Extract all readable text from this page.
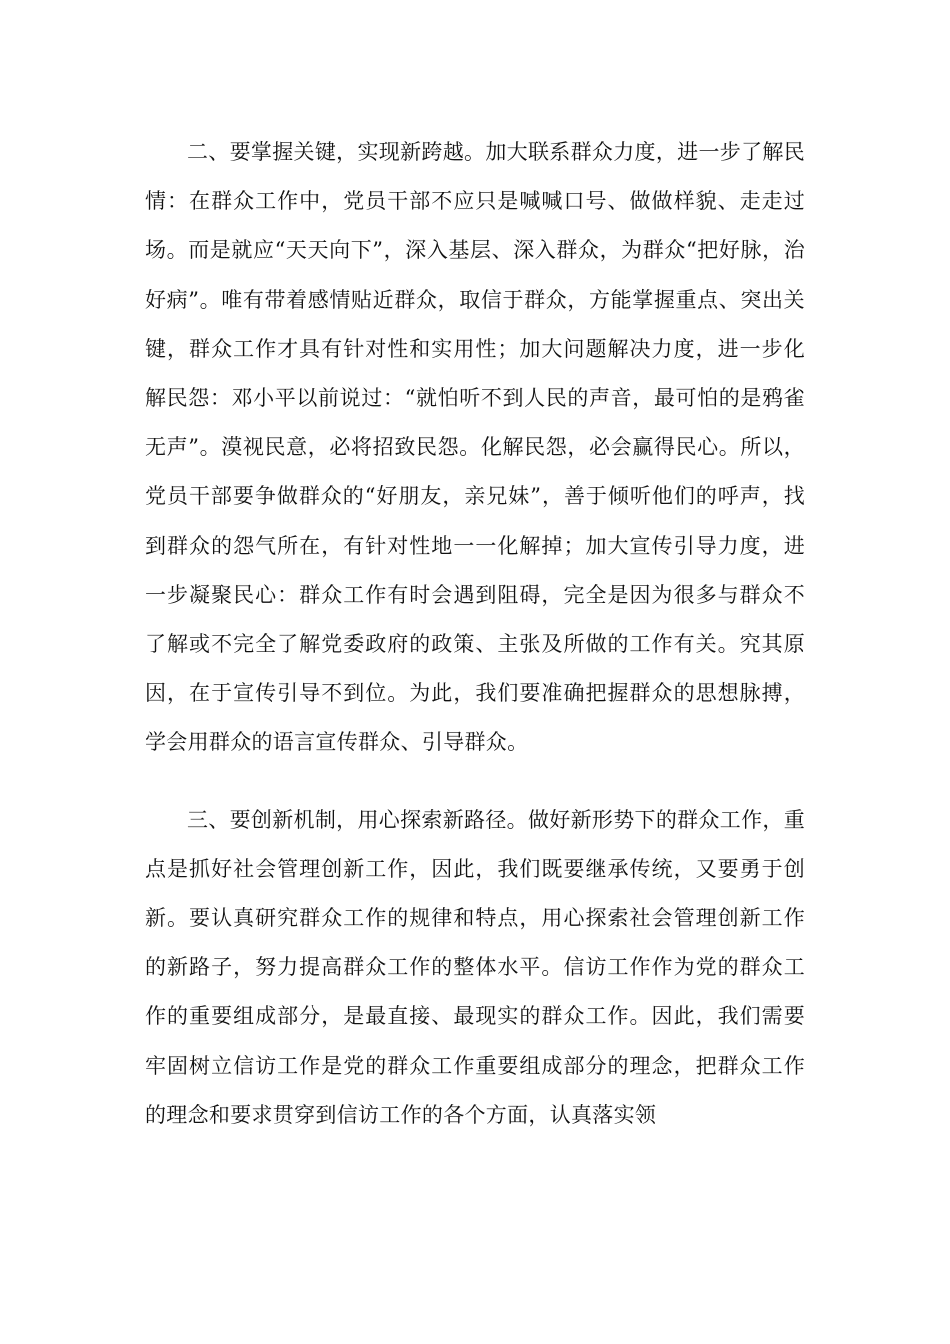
二、要掌握关键，实现新跨越。加大联系群众力度，进一步了解民情：在群众工作中，党员干部不应只是喊喊口号、做做样貌、走走过场。而是就应“天天向下”，深入基层、深入群众，为群众“把好脉，治好病”。唯有带着感情贴近群众，取信于群众，方能掌握重点、突出关键，群众工作才具有针对性和实用性；加大问题解决力度，进一步化解民怨：邓小平以前说过：“就怕听不到人民的声音，最可怕的是鸦雀无声”。漠视民意，必将招致民怨。化解民怨，必会赢得民心。所以，党员干部要争做群众的“好朋友，亲兄妹”，善于倾听他们的呼声，找到群众的怨气所在，有针对性地一一化解掉；加大宣传引导力度，进一步凝聚民心：群众工作有时会遇到阻碍，完全是因为很多与群众不了解或不完全了解党委政府的政策、主张及所做的工作有关。究其原因，在于宣传引导不到位。为此，我们要准确把握群众的思想脉搏，学会用群众的语言宣传群众、引导群众。

三、要创新机制，用心探索新路径。做好新形势下的群众工作，重点是抓好社会管理创新工作，因此，我们既要继承传统，又要勇于创新。要认真研究群众工作的规律和特点，用心探索社会管理创新工作的新路子，努力提高群众工作的整体水平。信访工作作为党的群众工作的重要组成部分，是最直接、最现实的群众工作。因此，我们需要牢固树立信访工作是党的群众工作重要组成部分的理念，把群众工作的理念和要求贯穿到信访工作的各个方面，认真落实领
